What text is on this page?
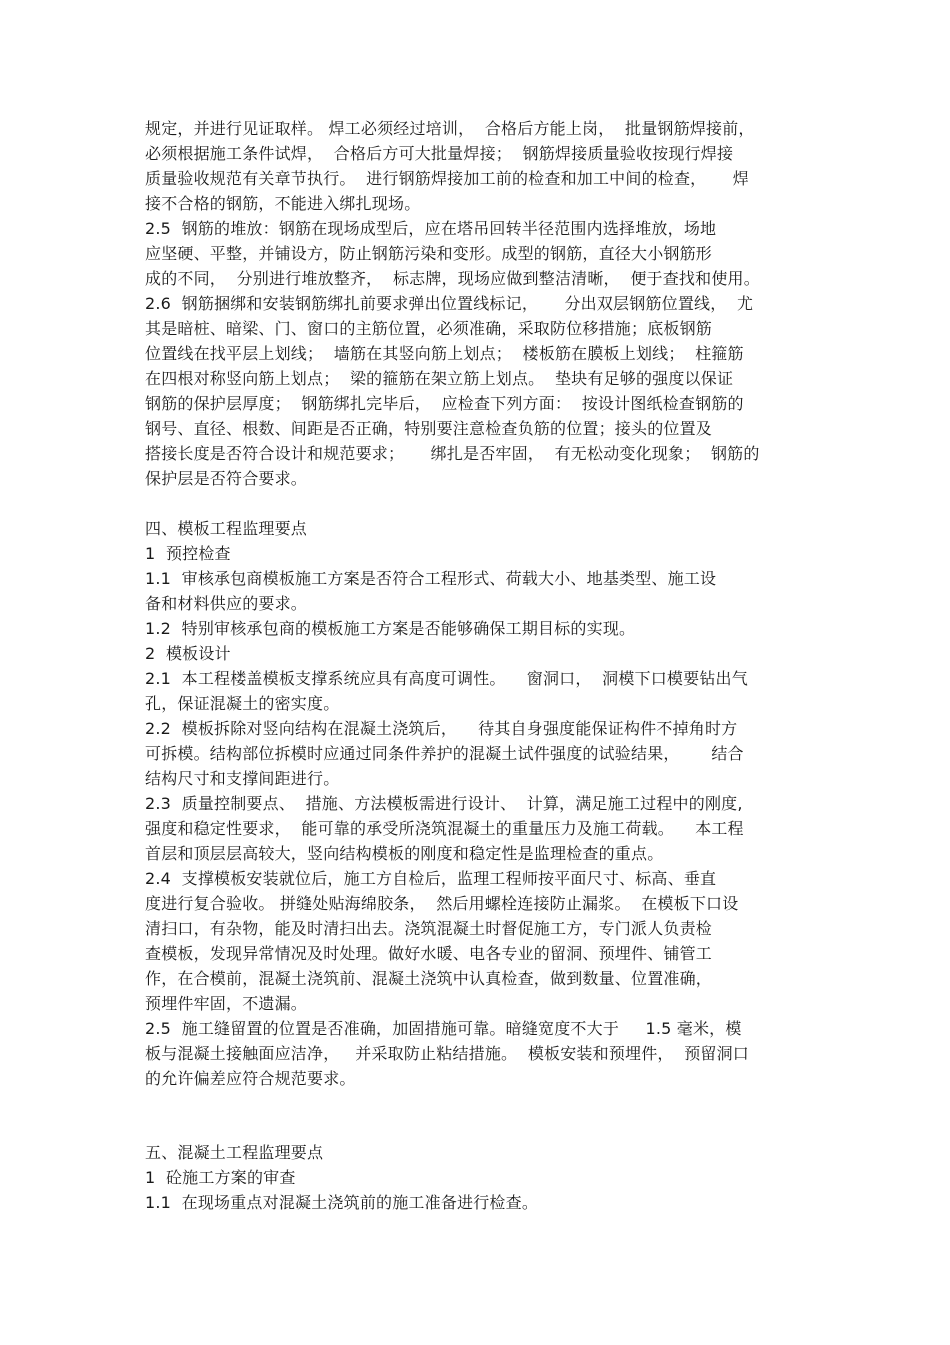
规定，并进行见证取样。 焊工必须经过培训，  合格后方能上岗，  批量钢筋焊接前，
必须根据施工条件试焊，  合格后方可大批量焊接；  钢筋焊接质量验收按现行焊接
质量验收规范有关章节执行。  进行钢筋焊接加工前的检查和加工中间的检查，     焊
接不合格的钢筋，不能进入绑扎现场。
2.5  钢筋的堆放：钢筋在现场成型后，应在塔吊回转半径范围内选择堆放，场地
应坚硬、平整，并铺设方，防止钢筋污染和变形。成型的钢筋，直径大小钢筋形
成的不同，  分别进行堆放整齐，  标志牌，现场应做到整洁清晰，  便于查找和使用。
2.6  钢筋捆绑和安装钢筋绑扎前要求弹出位置线标记，     分出双层钢筋位置线，  尤
其是暗桩、暗梁、门、窗口的主筋位置，必须准确，采取防位移措施；底板钢筋
位置线在找平层上划线；  墙筋在其竖向筋上划点；  楼板筋在膜板上划线；  柱箍筋
在四根对称竖向筋上划点；  梁的箍筋在架立筋上划点。  垫块有足够的强度以保证
钢筋的保护层厚度；  钢筋绑扎完毕后，  应检查下列方面：  按设计图纸检查钢筋的
钢号、直径、根数、间距是否正确，特别要注意检查负筋的位置；接头的位置及
搭接长度是否符合设计和规范要求；     绑扎是否牢固，  有无松动变化现象；  钢筋的
保护层是否符合要求。
四、模板工程监理要点
1  预控检查
1.1  审核承包商模板施工方案是否符合工程形式、荷载大小、地基类型、施工设
备和材料供应的要求。
1.2  特别审核承包商的模板施工方案是否能够确保工期目标的实现。
2  模板设计
2.1  本工程楼盖模板支撑系统应具有高度可调性。    窗洞口，  洞模下口模要钻出气
孔，保证混凝土的密实度。
2.2  模板拆除对竖向结构在混凝土浇筑后，    待其自身强度能保证构件不掉角时方
可拆模。结构部位拆模时应通过同条件养护的混凝土试件强度的试验结果，      结合
结构尺寸和支撑间距进行。
2.3  质量控制要点、  措施、方法模板需进行设计、  计算，满足施工过程中的刚度,
强度和稳定性要求，  能可靠的承受所浇筑混凝土的重量压力及施工荷载。    本工程
首层和顶层层高较大，竖向结构模板的刚度和稳定性是监理检查的重点。
2.4  支撑模板安装就位后，施工方自检后，监理工程师按平面尺寸、标高、垂直
度进行复合验收。 拼缝处贴海绵胶条，  然后用螺栓连接防止漏浆。  在模板下口设
清扫口，有杂物，能及时清扫出去。浇筑混凝土时督促施工方，专门派人负责检
查模板，发现异常情况及时处理。做好水暖、电各专业的留洞、预埋件、铺管工
作，在合模前，混凝土浇筑前、混凝土浇筑中认真检查，做到数量、位置准确，
预埋件牢固，不遗漏。
2.5  施工缝留置的位置是否准确，加固措施可靠。暗缝宽度不大于     1.5 毫米，模
板与混凝土接触面应洁净，   并采取防止粘结措施。  模板安装和预埋件，  预留洞口
的允许偏差应符合规范要求。
五、混凝土工程监理要点
1  砼施工方案的审查
1.1  在现场重点对混凝土浇筑前的施工准备进行检查。
